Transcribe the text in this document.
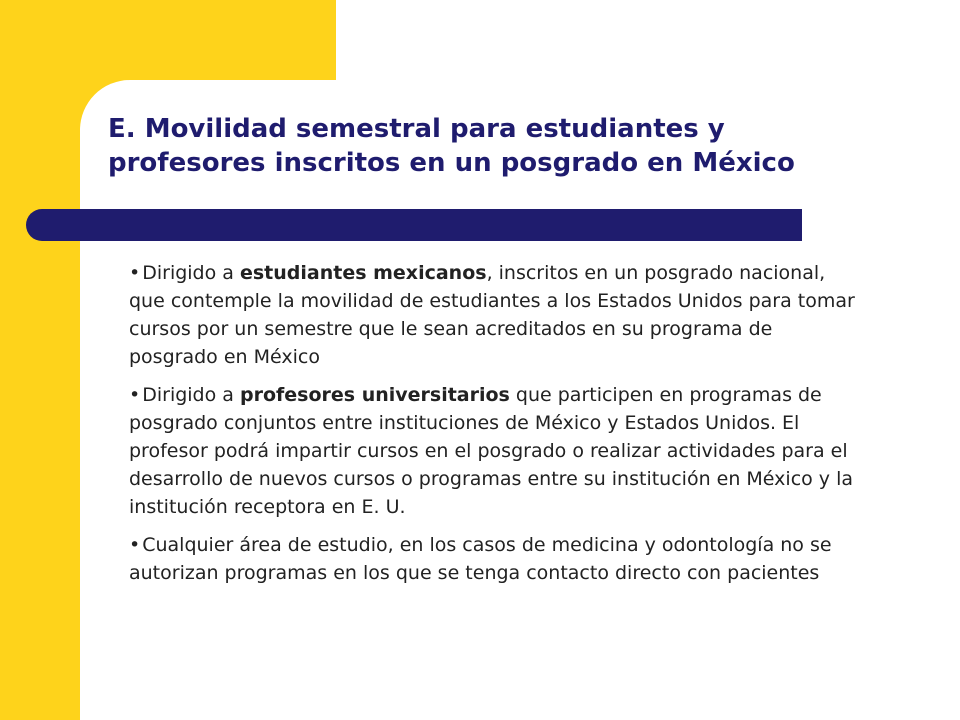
E. Movilidad semestral para estudiantes y profesores inscritos en un posgrado en México
• Dirigido a estudiantes mexicanos, inscritos en un posgrado nacional, que contemple la movilidad de estudiantes a los Estados Unidos para tomar cursos por un semestre que le sean acreditados en su programa de posgrado en México
• Dirigido a profesores universitarios que participen en programas de posgrado conjuntos entre instituciones de México y Estados Unidos. El profesor podrá impartir cursos en el posgrado o realizar actividades para el desarrollo de nuevos cursos o programas entre su institución en México y la institución receptora en E. U.
• Cualquier área de estudio, en los casos de medicina y odontología no se autorizan programas en los que se tenga contacto directo con pacientes
